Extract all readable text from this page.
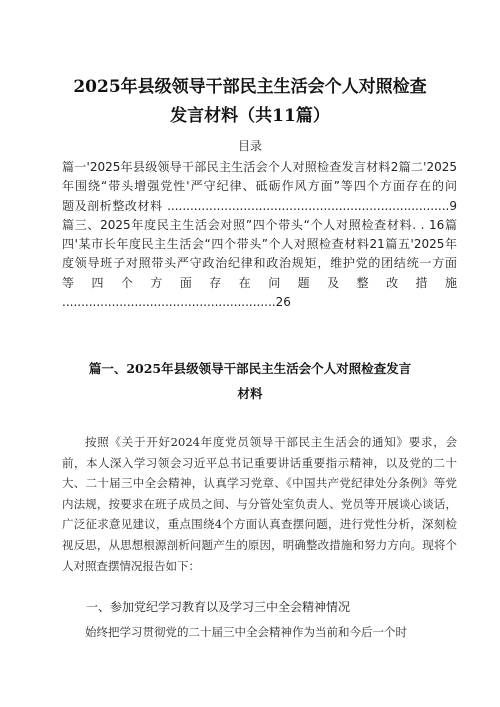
2025年县级领导干部民主生活会个人对照检查
发言材料（共11篇）
目录

篇一'2025年县级领导干部民主生活会个人对照检查发言材料2篇二'2025

年围绕“带头增强党性'严守纪律、砥砺作风方面”等四个方面存在的问

题及剖析整改材料 ..........................................................................9

篇三、2025年度民主生活会对照”四个带头“个人对照检查材料. . 16篇

四'某市长年度民主生活会“四个带头”个人对照检查材料21篇五'2025年

度领导班子对照带头严守政治纪律和政治规矩，维护党的团结统一方面

等四个方面存在问题及整改措施 ........................................................26

篇一、2025年县级领导干部民主生活会个人对照检查发言
材料

按照《关于开好2024年度党员领导干部民主生活会的通知》要求，会前，本人深入学习领会习近平总书记重要讲话重要指示精神，以及党的二十大、二十届三中全会精神，认真学习党章、《中国共产党纪律处分条例》等党内法规，按要求在班子成员之间、与分管处室负责人、党员等开展谈心谈话，广泛征求意见建议，重点围绕4个方面认真查摆问题，进行党性分析，深刻检视反思，从思想根源剖析问题产生的原因，明确整改措施和努力方向。现将个人对照查摆情况报告如下：

一、参加党纪学习教育以及学习三中全会精神情况

始终把学习贯彻党的二十届三中全会精神作为当前和今后一个时
